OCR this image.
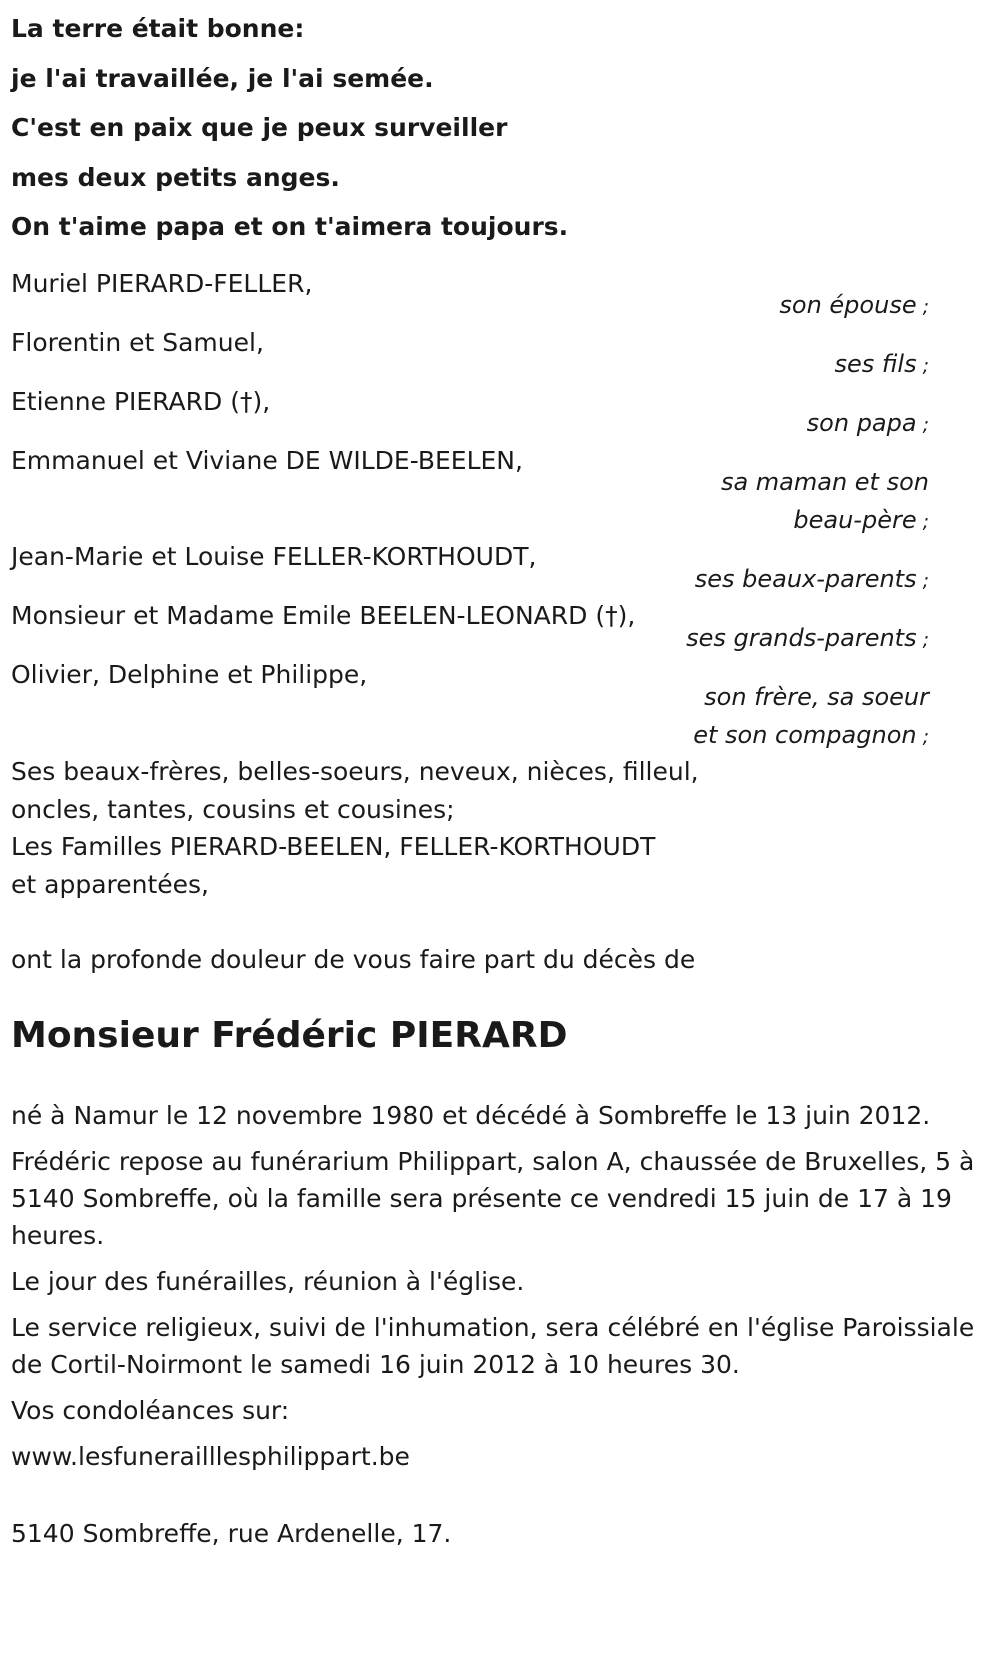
La terre était bonne:
je l'ai travaillée, je l'ai semée.
C'est en paix que je peux surveiller
mes deux petits anges.
On t'aime papa et on t'aimera toujours.
Muriel PIERARD-FELLER,
son épouse ;
Florentin et Samuel,
ses fils ;
Etienne PIERARD (†),
son papa ;
Emmanuel et Viviane DE WILDE-BEELEN,
sa maman et son
beau-père ;
Jean-Marie et Louise FELLER-KORTHOUDT,
ses beaux-parents ;
Monsieur et Madame Emile BEELEN-LEONARD (†),
ses grands-parents ;
Olivier, Delphine et Philippe,
son frère, sa soeur
et son compagnon ;
Ses beaux-frères, belles-soeurs, neveux, nièces, filleul,
oncles, tantes, cousins et cousines;
Les Familles PIERARD-BEELEN, FELLER-KORTHOUDT
et apparentées,
ont la profonde douleur de vous faire part du décès de
Monsieur Frédéric PIERARD
né à Namur le 12 novembre 1980 et décédé à Sombreffe le 13 juin 2012.
Frédéric repose au funérarium Philippart, salon A, chaussée de Bruxelles, 5 à 5140 Sombreffe, où la famille sera présente ce vendredi 15 juin de 17 à 19 heures.
Le jour des funérailles, réunion à l'église.
Le service religieux, suivi de l'inhumation, sera célébré en l'église Paroissiale de Cortil-Noirmont le samedi 16 juin 2012 à 10 heures 30.
Vos condoléances sur:
www.lesfunerailllesphilippart.be
5140 Sombreffe, rue Ardenelle, 17.
